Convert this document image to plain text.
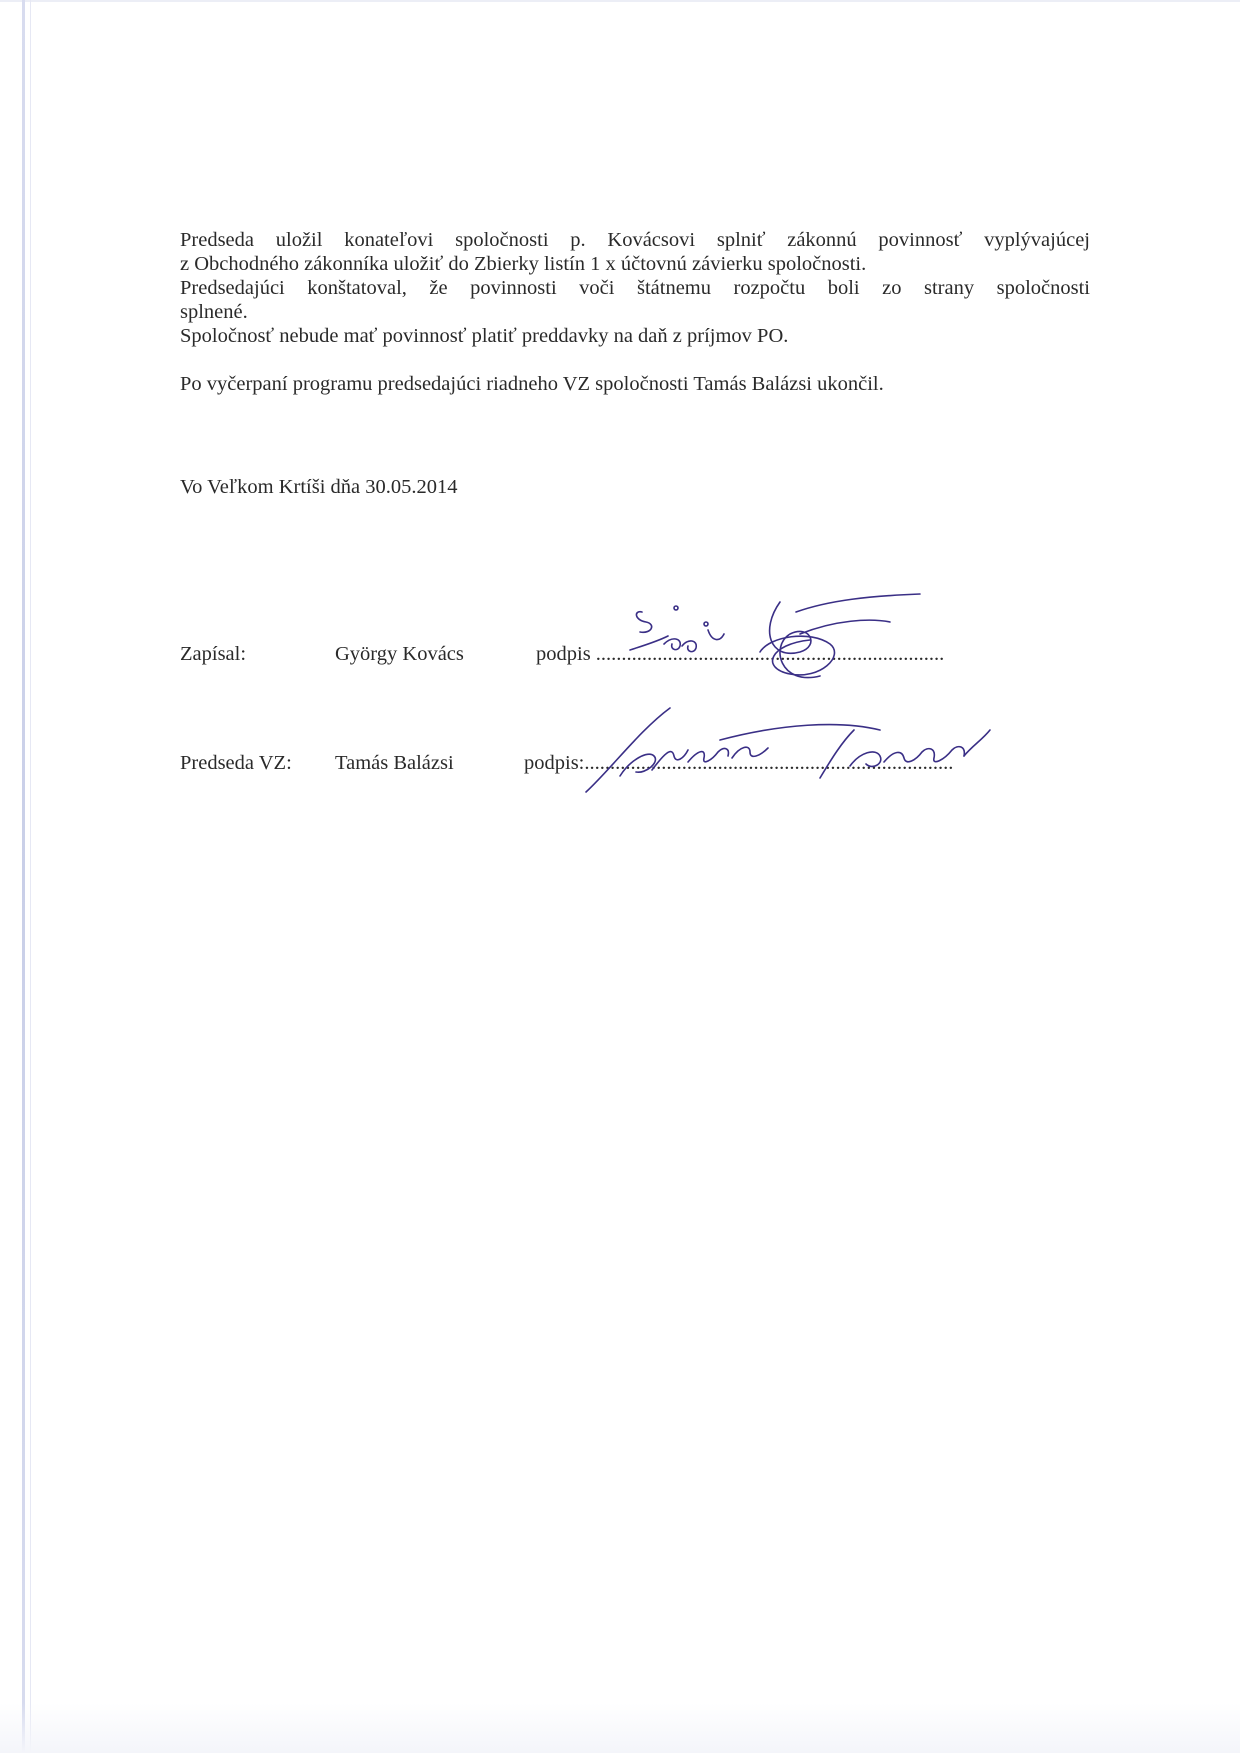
Predseda uložil konateľovi spoločnosti p. Kovácsovi splniť zákonnú povinnosť vyplývajúcej
z Obchodného zákonníka uložiť do Zbierky listín 1 x účtovnú závierku spoločnosti.
Predsedajúci konštatoval, že povinnosti voči štátnemu rozpočtu boli zo strany spoločnosti
splnené.
Spoločnosť nebude mať povinnosť platiť preddavky na daň z príjmov PO.
Po vyčerpaní programu predsedajúci riadneho VZ spoločnosti Tamás Balázsi ukončil.
Vo Veľkom Krtíši dňa 30.05.2014
Zapísal:	György Kovács	podpis ....................................................................
Predseda VZ: Tamás Balázsi	podpis:........................................................................
